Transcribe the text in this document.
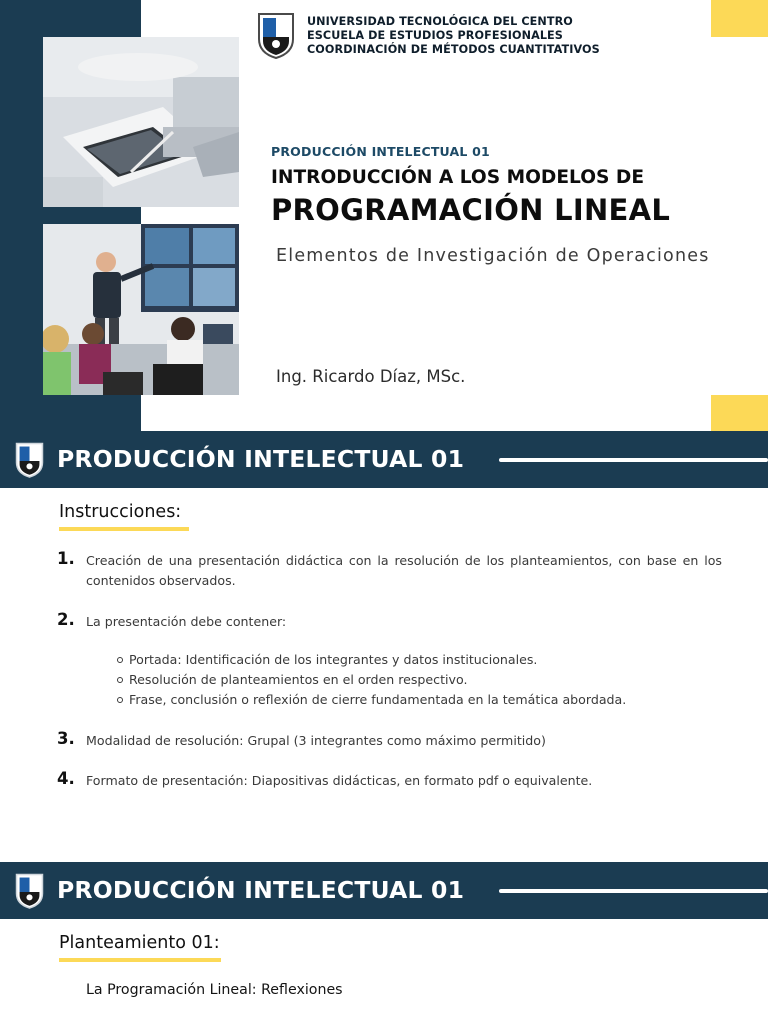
UNIVERSIDAD TECNOLÓGICA DEL CENTRO
ESCUELA DE ESTUDIOS PROFESIONALES
COORDINACIÓN DE MÉTODOS CUANTITATIVOS
PRODUCCIÓN INTELECTUAL 01
INTRODUCCIÓN A LOS MODELOS DE
PROGRAMACIÓN LINEAL
Elementos de Investigación de Operaciones
Ing. Ricardo Díaz, MSc.
PRODUCCIÓN INTELECTUAL 01
Instrucciones:
1. Creación de una presentación didáctica con la resolución de los planteamientos, con base en los contenidos observados.
2. La presentación debe contener:
Portada: Identificación de los integrantes y datos institucionales.
Resolución de planteamientos en el orden respectivo.
Frase, conclusión o reflexión de cierre fundamentada en la temática abordada.
3. Modalidad de resolución: Grupal (3 integrantes como máximo permitido)
4. Formato de presentación: Diapositivas didácticas, en formato pdf o equivalente.
PRODUCCIÓN INTELECTUAL 01
Planteamiento 01:
La Programación Lineal: Reflexiones
